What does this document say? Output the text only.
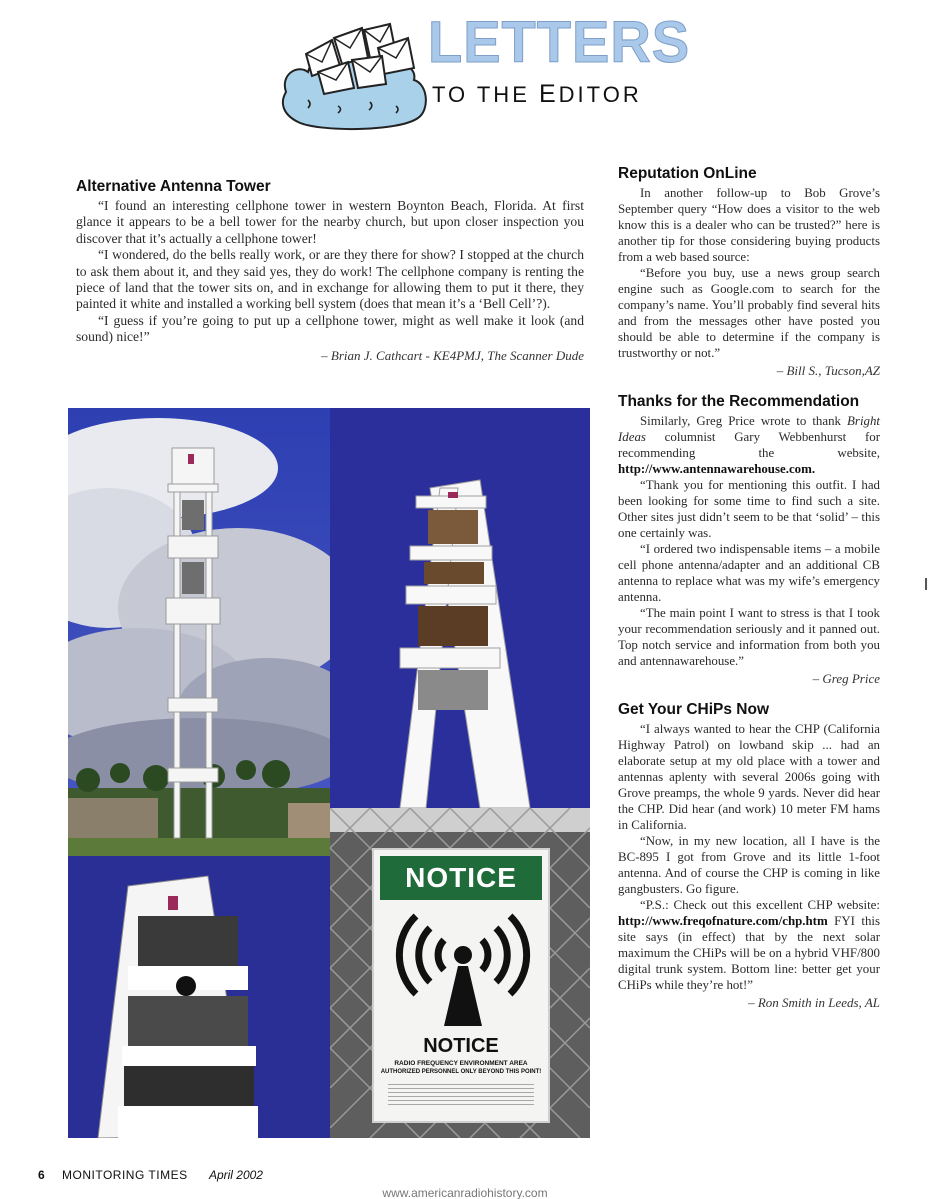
LETTERS
TO THE EDITOR
Alternative Antenna Tower

“I found an interesting cellphone tower in western Boynton Beach, Florida. At first glance it appears to be a bell tower for the nearby church, but upon closer inspection you discover that it’s actually a cellphone tower!

“I wondered, do the bells really work, or are they there for show? I stopped at the church to ask them about it, and they said yes, they do work! The cellphone company is renting the piece of land that the tower sits on, and in exchange for allowing them to put it there, they painted it white and installed a working bell system (does that mean it’s a ‘Bell Cell’?).

“I guess if you’re going to put up a cellphone tower, might as well make it look (and sound) nice!”

– Brian J. Cathcart - KE4PMJ, The Scanner Dude
NOTICE
NOTICE
RADIO FREQUENCY ENVIRONMENT AREA
AUTHORIZED PERSONNEL ONLY BEYOND THIS POINT!
Reputation OnLine

In another follow-up to Bob Grove’s September query “How does a visitor to the web know this is a dealer who can be trusted?” here is another tip for those considering buying products from a web based source:

“Before you buy, use a news group search engine such as Google.com to search for the company’s name. You’ll probably find several hits and from the messages other have posted you should be able to determine if the company is trustworthy or not.”

– Bill S., Tucson,AZ
Thanks for the Recommendation

Similarly, Greg Price wrote to thank Bright Ideas columnist Gary Webbenhurst for recommending the website, http://www.antennawarehouse.com.

“Thank you for mentioning this outfit. I had been looking for some time to find such a site. Other sites just didn’t seem to be that ‘solid’ – this one certainly was.

“I ordered two indispensable items – a mobile cell phone antenna/adapter and an additional CB antenna to replace what was my wife’s emergency antenna.

“The main point I want to stress is that I took your recommendation seriously and it panned out. Top notch service and information from both you and antennawarehouse.”

– Greg Price
Get Your CHiPs Now

“I always wanted to hear the CHP (California Highway Patrol) on lowband skip ... had an elaborate setup at my old place with a tower and antennas aplenty with several 2006s going with Grove preamps, the whole 9 yards. Never did hear the CHP. Did hear (and work) 10 meter FM hams in California.

“Now, in my new location, all I have is the BC-895 I got from Grove and its little 1-foot antenna. And of course the CHP is coming in like gangbusters. Go figure.

“P.S.: Check out this excellent CHP website: http://www.freqofnature.com/chp.htm FYI this site says (in effect) that by the next solar maximum the CHiPs will be on a hybrid VHF/800 digital trunk system. Bottom line: better get your CHiPs while they’re hot!”

– Ron Smith in Leeds, AL
6 MONITORING TIMES April 2002
www.americanradiohistory.com
